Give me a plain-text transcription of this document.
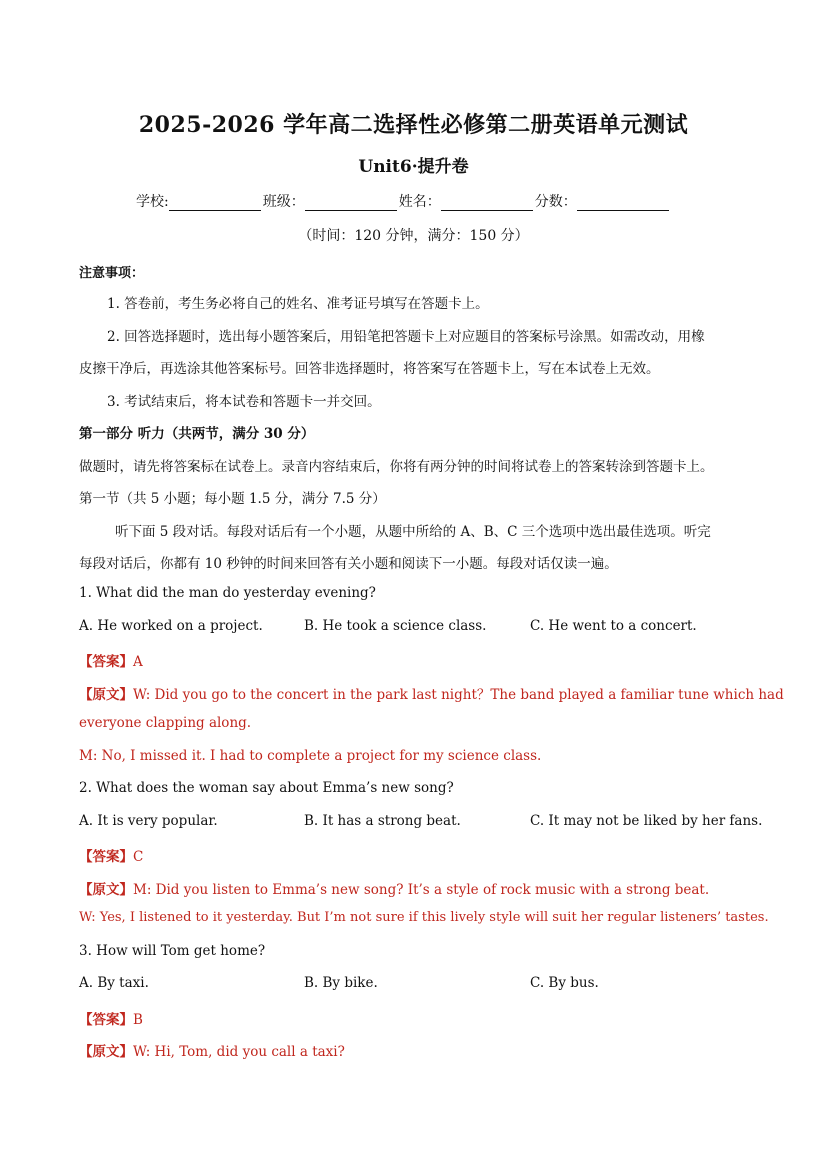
2025-2026 学年高二选择性必修第二册英语单元测试
Unit6·提升卷
学校:	班级：	姓名：	分数：
（时间：120 分钟，满分：150 分）
注意事项：
1. 答卷前，考生务必将自己的姓名、准考证号填写在答题卡上。
2. 回答选择题时，选出每小题答案后，用铅笔把答题卡上对应题目的答案标号涂黑。如需改动，用橡
皮擦干净后，再选涂其他答案标号。回答非选择题时，将答案写在答题卡上，写在本试卷上无效。
3. 考试结束后，将本试卷和答题卡一并交回。
第一部分 听力（共两节，满分 30 分）
做题时，请先将答案标在试卷上。录音内容结束后，你将有两分钟的时间将试卷上的答案转涂到答题卡上。
第一节（共 5 小题；每小题 1.5 分，满分 7.5 分）
听下面 5 段对话。每段对话后有一个小题，从题中所给的 A、B、C 三个选项中选出最佳选项。听完
每段对话后，你都有 10 秒钟的时间来回答有关小题和阅读下一小题。每段对话仅读一遍。
1. What did the man do yesterday evening?
A. He worked on a project.	B. He took a science class.	C. He went to a concert.
【答案】A
【原文】W: Did you go to the concert in the park last night？The band played a familiar tune which had
everyone clapping along.
M: No, I missed it. I had to complete a project for my science class.
2. What does the woman say about Emma’s new song?
A. It is very popular.	B. It has a strong beat.	C. It may not be liked by her fans.
【答案】C
【原文】M: Did you listen to Emma’s new song? It’s a style of rock music with a strong beat.
W: Yes, I listened to it yesterday. But I’m not sure if this lively style will suit her regular listeners’ tastes.
3. How will Tom get home?
A. By taxi.	B. By bike.	C. By bus.
【答案】B
【原文】W: Hi, Tom, did you call a taxi?
